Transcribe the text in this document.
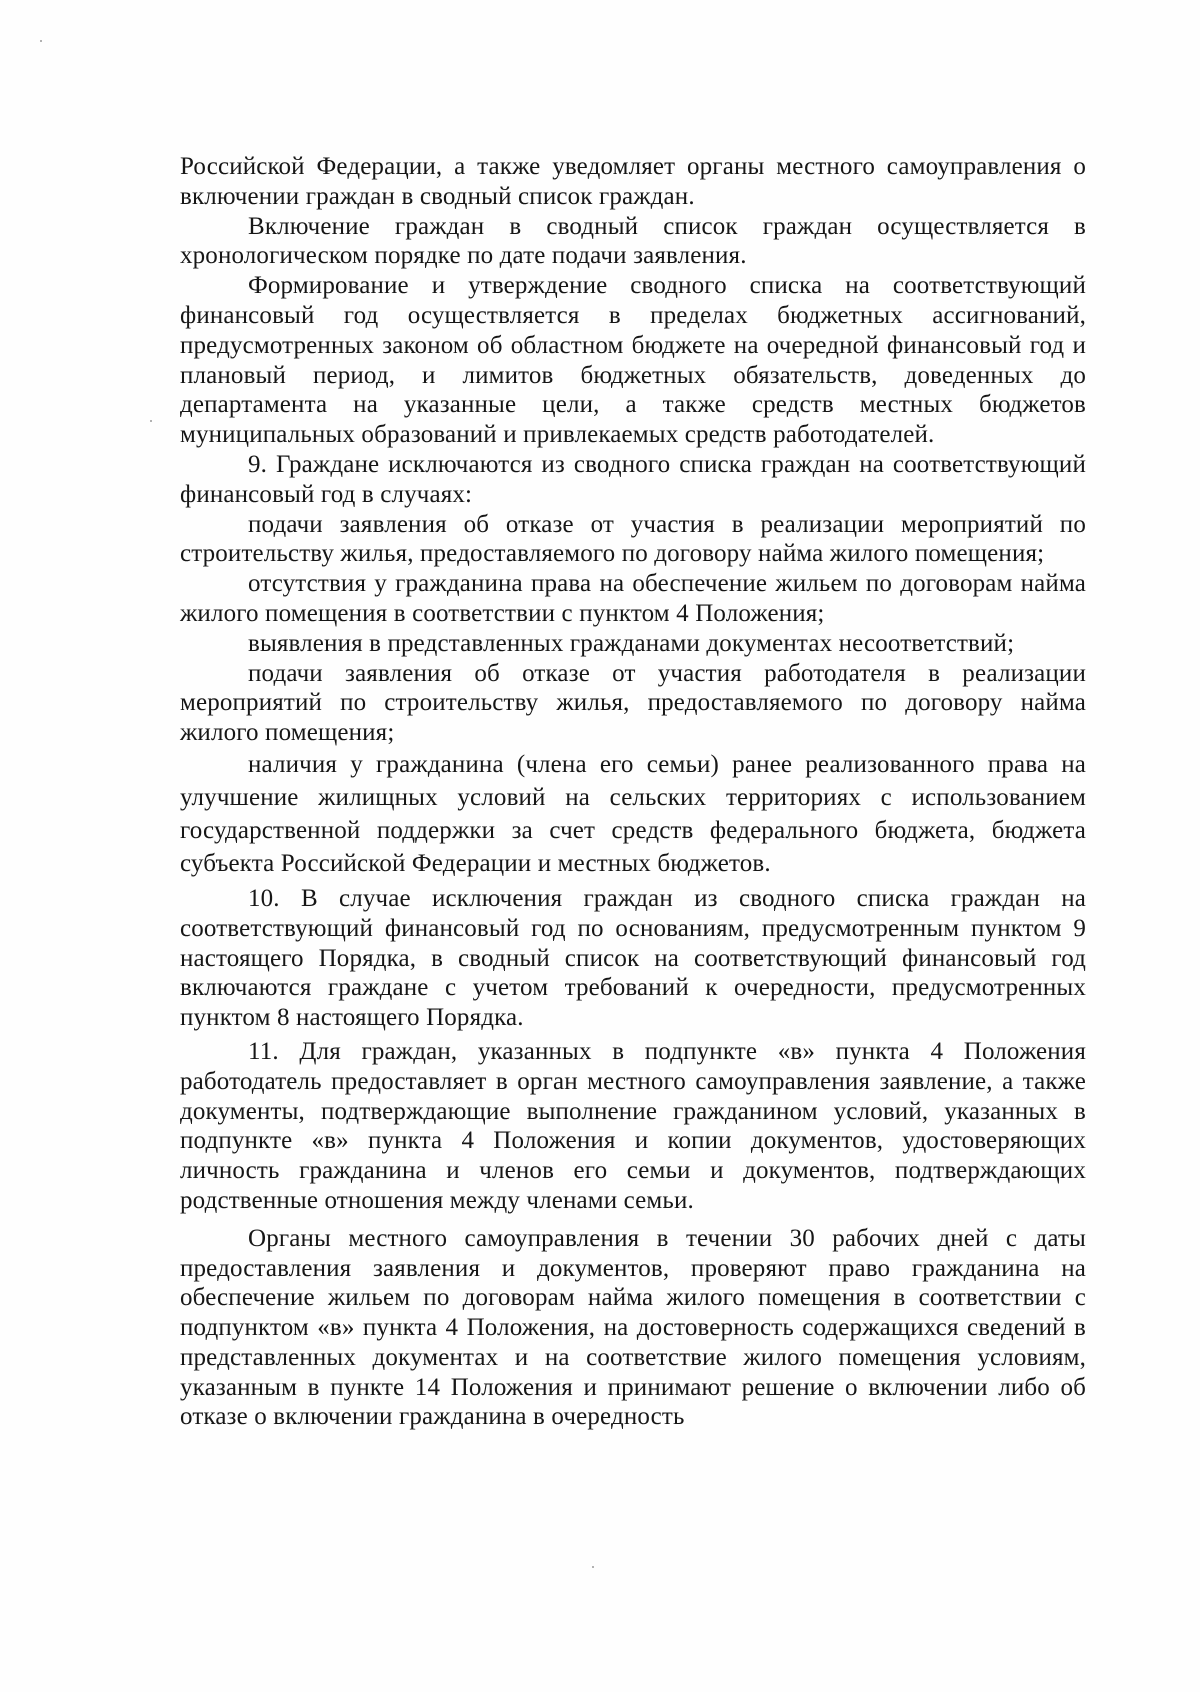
Российской Федерации, а также уведомляет органы местного самоуправления о включении граждан в сводный список граждан.

Включение граждан в сводный список граждан осуществляется в хронологическом порядке по дате подачи заявления.

Формирование и утверждение сводного списка на соответствующий финансовый год осуществляется в пределах бюджетных ассигнований, предусмотренных законом об областном бюджете на очередной финансовый год и плановый период, и лимитов бюджетных обязательств, доведенных до департамента на указанные цели, а также средств местных бюджетов муниципальных образований и привлекаемых средств работодателей.

9. Граждане исключаются из сводного списка граждан на соответствующий финансовый год в случаях:

подачи заявления об отказе от участия в реализации мероприятий по строительству жилья, предоставляемого по договору найма жилого помещения;

отсутствия у гражданина права на обеспечение жильем по договорам найма жилого помещения в соответствии с пунктом 4 Положения;

выявления в представленных гражданами документах несоответствий;

подачи заявления об отказе от участия работодателя в реализации мероприятий по строительству жилья, предоставляемого по договору найма жилого помещения;

наличия у гражданина (члена его семьи) ранее реализованного права на улучшение жилищных условий на сельских территориях с использованием государственной поддержки за счет средств федерального бюджета, бюджета субъекта Российской Федерации и местных бюджетов.

10. В случае исключения граждан из сводного списка граждан на соответствующий финансовый год по основаниям, предусмотренным пунктом 9 настоящего Порядка, в сводный список на соответствующий финансовый год включаются граждане с учетом требований к очередности, предусмотренных пунктом 8 настоящего Порядка.

11. Для граждан, указанных в подпункте «в» пункта 4 Положения работодатель предоставляет в орган местного самоуправления заявление, а также документы, подтверждающие выполнение гражданином условий, указанных в подпункте «в» пункта 4 Положения и копии документов, удостоверяющих личность гражданина и членов его семьи и документов, подтверждающих родственные отношения между членами семьи.

Органы местного самоуправления в течении 30 рабочих дней с даты предоставления заявления и документов, проверяют право гражданина на обеспечение жильем по договорам найма жилого помещения в соответствии с подпунктом «в» пункта 4 Положения, на достоверность содержащихся сведений в представленных документах и на соответствие жилого помещения условиям, указанным в пункте 14 Положения и принимают решение о включении либо об отказе о включении гражданина в очередность
